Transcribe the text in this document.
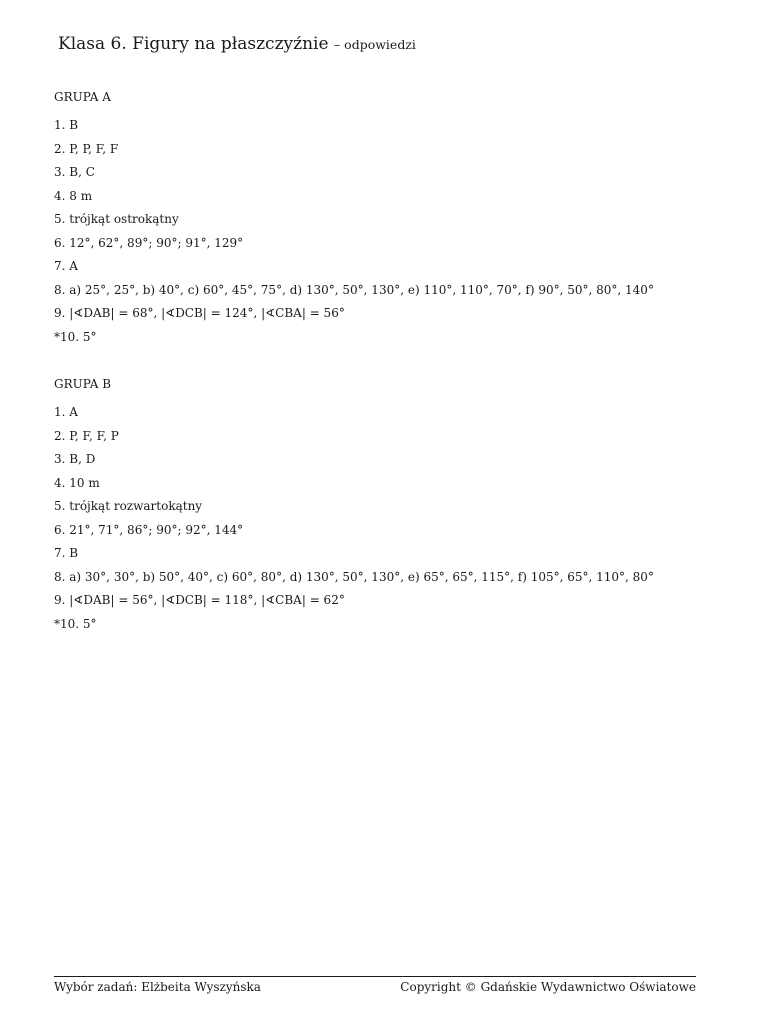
Klasa 6. Figury na płaszczyźnie – odpowiedzi
GRUPA A
1. B
2. P, P, F, F
3. B, C
4. 8 m
5. trójkąt ostrokątny
6. 12°, 62°, 89°; 90°; 91°, 129°
7. A
8. a) 25°, 25°, b) 40°, c) 60°, 45°, 75°, d) 130°, 50°, 130°, e) 110°, 110°, 70°, f) 90°, 50°, 80°, 140°
9. |∢DAB| = 68°, |∢DCB| = 124°, |∢CBA| = 56°
*10. 5°
GRUPA B
1. A
2. P, F, F, P
3. B, D
4. 10 m
5. trójkąt rozwartokątny
6. 21°, 71°, 86°; 90°; 92°, 144°
7. B
8. a) 30°, 30°, b) 50°, 40°, c) 60°, 80°, d) 130°, 50°, 130°, e) 65°, 65°, 115°, f) 105°, 65°, 110°, 80°
9. |∢DAB| = 56°, |∢DCB| = 118°, |∢CBA| = 62°
*10. 5°
Wybór zadań: Elżbeita Wyszyńska	Copyright © Gdańskie Wydawnictwo Oświatowe
